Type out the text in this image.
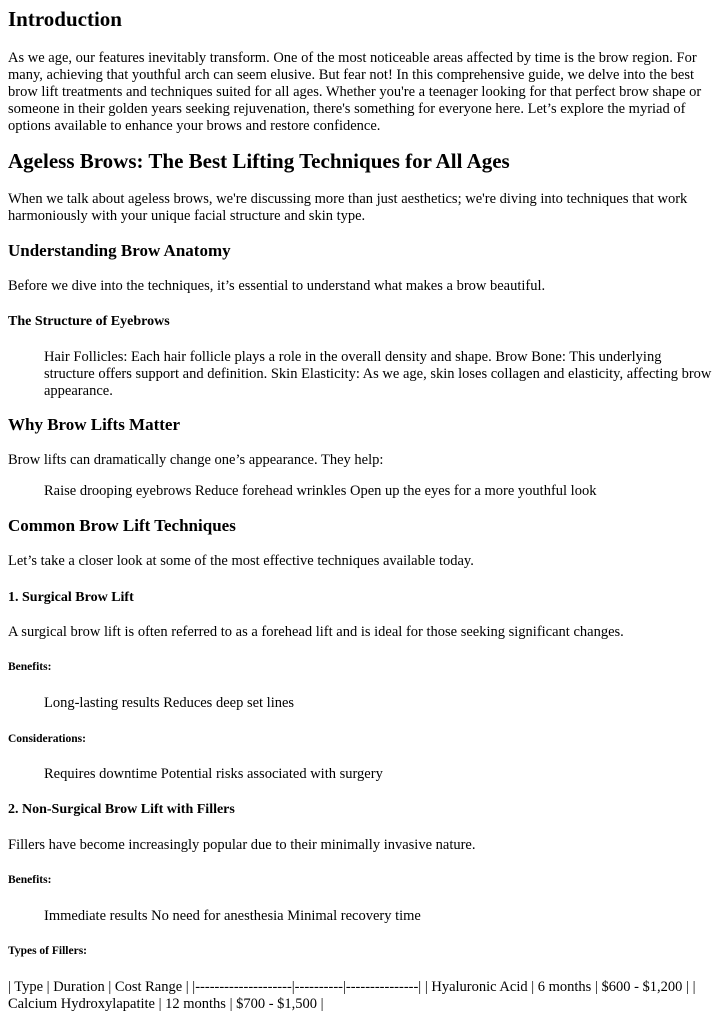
Introduction

As we age, our features inevitably transform. One of the most noticeable areas affected by time is the brow region. For many, achieving that youthful arch can seem elusive. But fear not! In this comprehensive guide, we delve into the best brow lift treatments and techniques suited for all ages. Whether you're a teenager looking for that perfect brow shape or someone in their golden years seeking rejuvenation, there's something for everyone here. Let’s explore the myriad of options available to enhance your brows and restore confidence.

Ageless Brows: The Best Lifting Techniques for All Ages

When we talk about ageless brows, we're discussing more than just aesthetics; we're diving into techniques that work harmoniously with your unique facial structure and skin type.

Understanding Brow Anatomy

Before we dive into the techniques, it’s essential to understand what makes a brow beautiful.

The Structure of Eyebrows
Hair Follicles: Each hair follicle plays a role in the overall density and shape. Brow Bone: This underlying structure offers support and definition. Skin Elasticity: As we age, skin loses collagen and elasticity, affecting brow appearance.
Why Brow Lifts Matter

Brow lifts can dramatically change one’s appearance. They help:

Raise drooping eyebrows Reduce forehead wrinkles Open up the eyes for a more youthful look
Common Brow Lift Techniques

Let’s take a closer look at some of the most effective techniques available today.

1. Surgical Brow Lift

A surgical brow lift is often referred to as a forehead lift and is ideal for those seeking significant changes.

Benefits:
Long-lasting results Reduces deep set lines
Considerations:
Requires downtime Potential risks associated with surgery
2. Non-Surgical Brow Lift with Fillers

Fillers have become increasingly popular due to their minimally invasive nature.

Benefits:
Immediate results No need for anesthesia Minimal recovery time
Types of Fillers:

| Type | Duration | Cost Range | |--------------------|----------|---------------| | Hyaluronic Acid | 6 months | $600 - $1,200 | | Calcium Hydroxylapatite | 12 months | $700 - $1,500 |
